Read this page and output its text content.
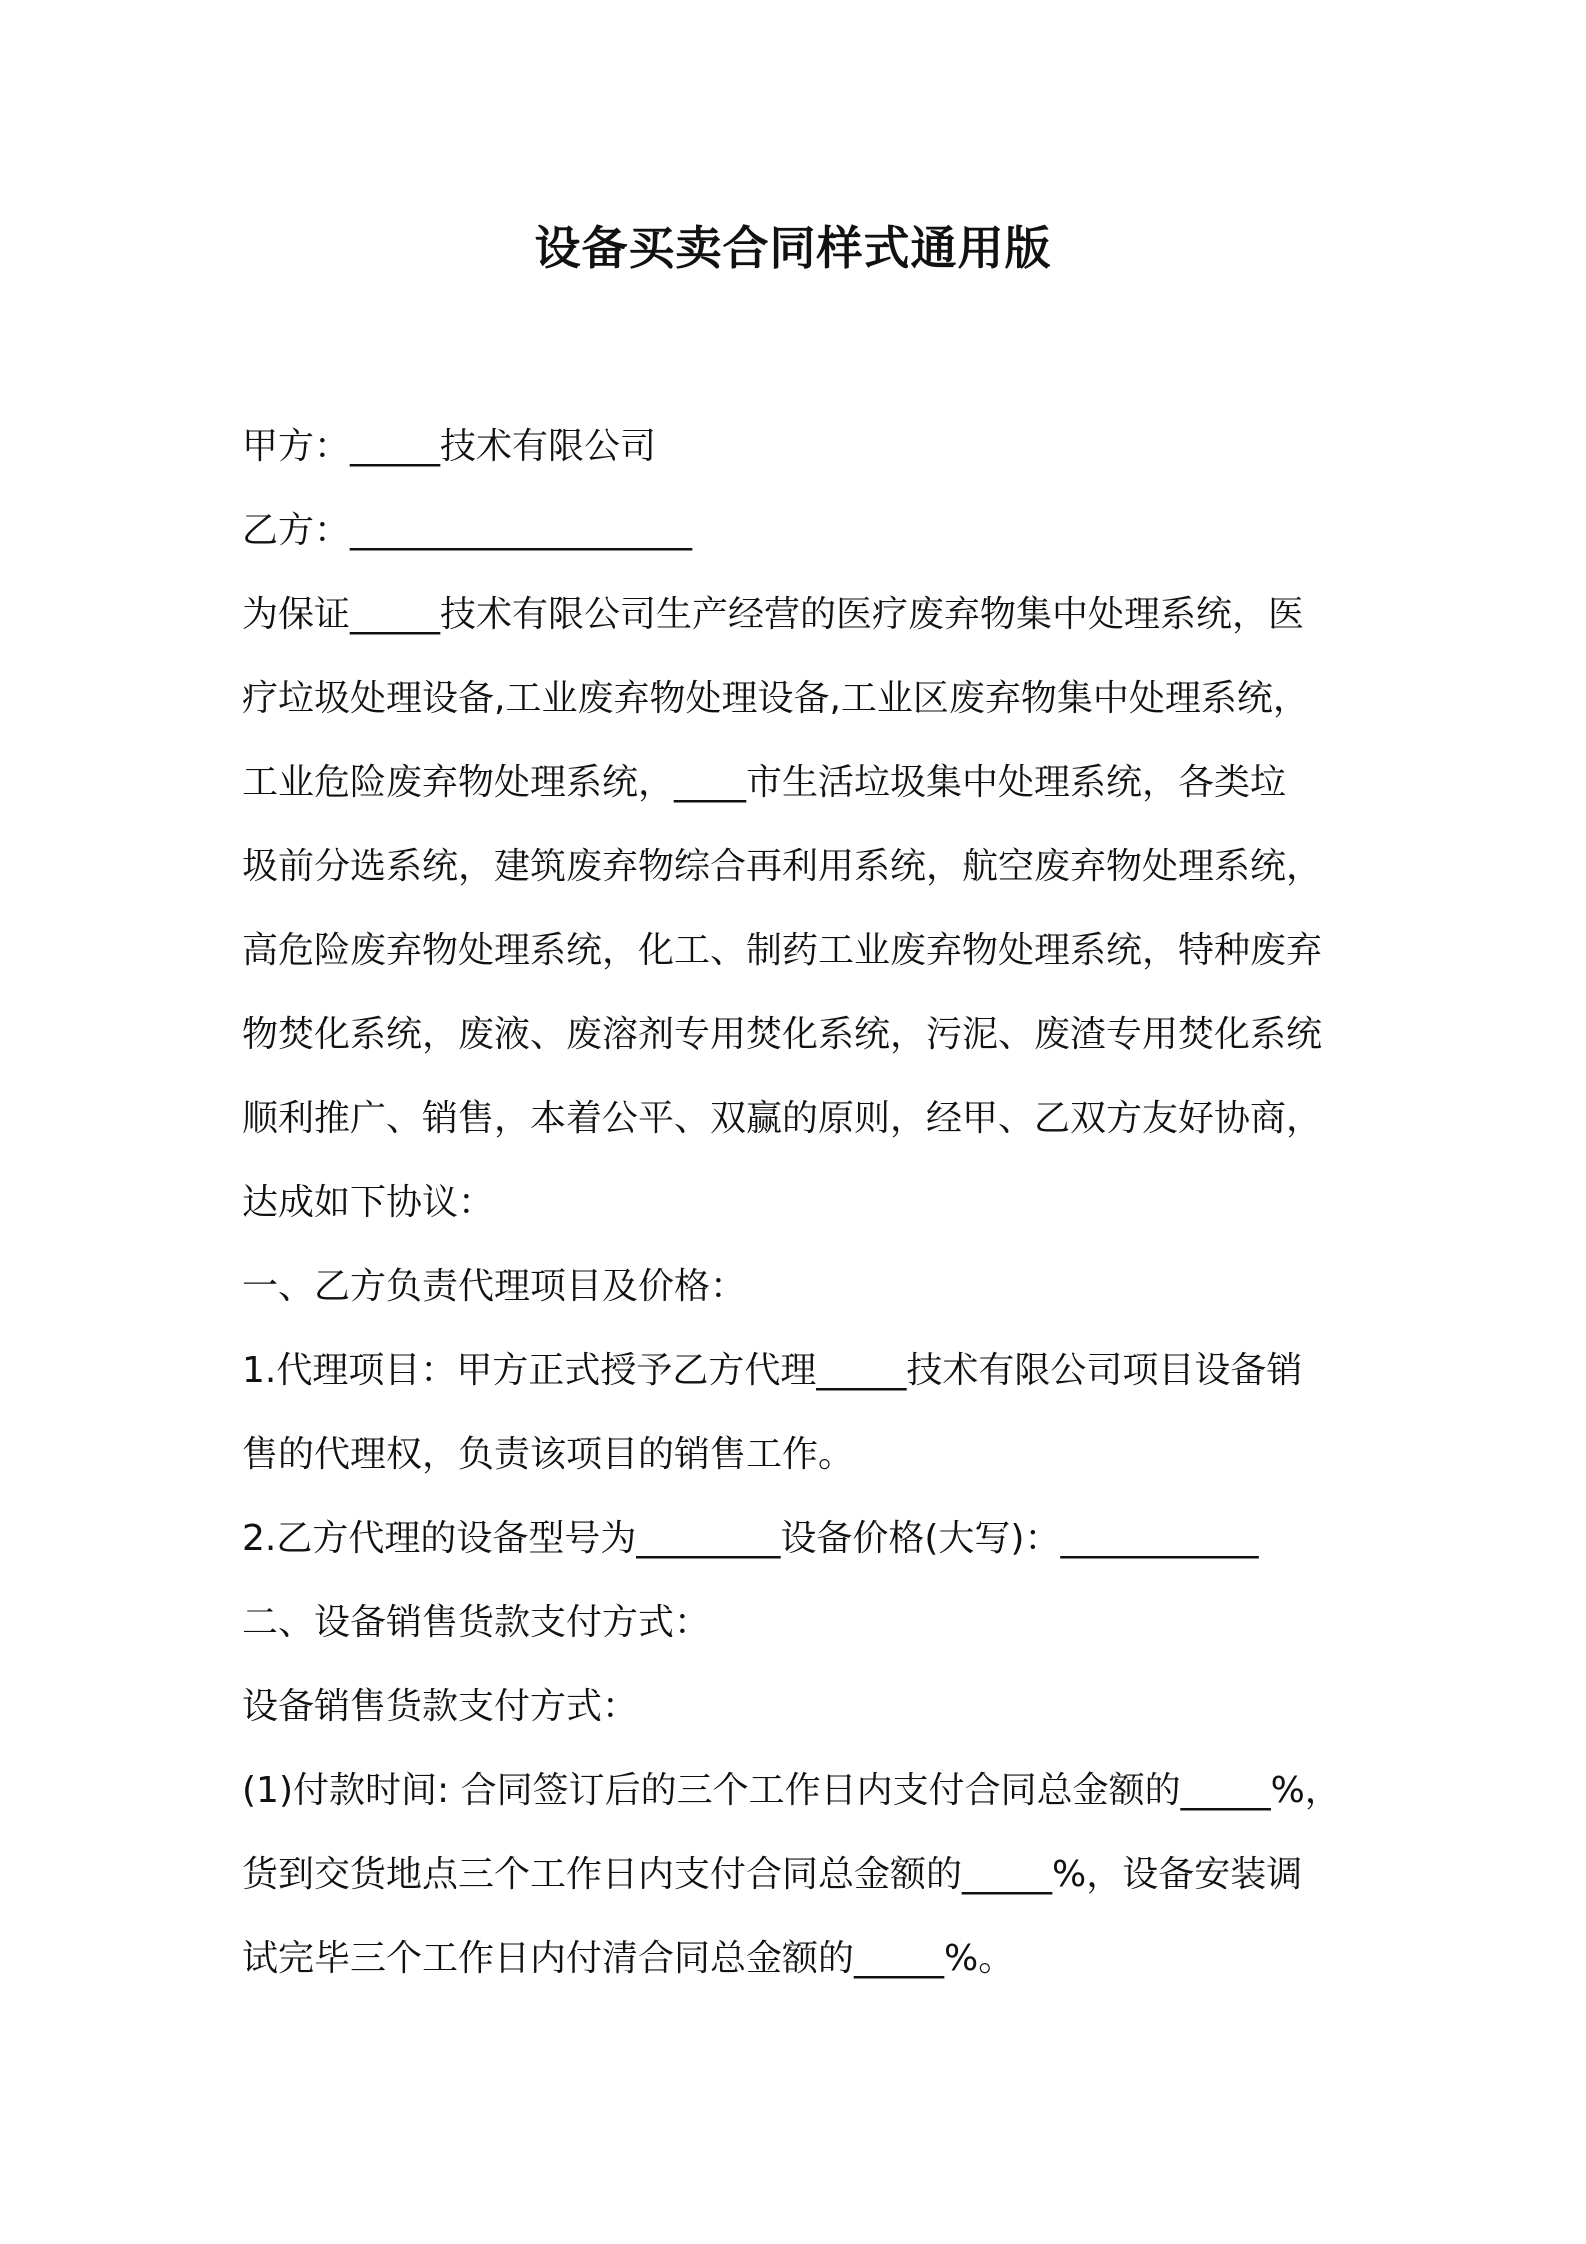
设备买卖合同样式通用版

甲方：_____技术有限公司

乙方：___________________

为保证_____技术有限公司生产经营的医疗废弃物集中处理系统，医

疗垃圾处理设备,工业废弃物处理设备,工业区废弃物集中处理系统，

工业危险废弃物处理系统，____市生活垃圾集中处理系统，各类垃

圾前分选系统，建筑废弃物综合再利用系统，航空废弃物处理系统，

高危险废弃物处理系统，化工、制药工业废弃物处理系统，特种废弃

物焚化系统，废液、废溶剂专用焚化系统，污泥、废渣专用焚化系统

顺利推广、销售，本着公平、双赢的原则，经甲、乙双方友好协商，

达成如下协议：

一、乙方负责代理项目及价格：

1.代理项目：甲方正式授予乙方代理_____技术有限公司项目设备销

售的代理权，负责该项目的销售工作。

2.乙方代理的设备型号为________设备价格(大写)：___________

二、设备销售货款支付方式：

设备销售货款支付方式：

(1)付款时间: 合同签订后的三个工作日内支付合同总金额的_____%，

货到交货地点三个工作日内支付合同总金额的_____%，设备安装调

试完毕三个工作日内付清合同总金额的_____%。
